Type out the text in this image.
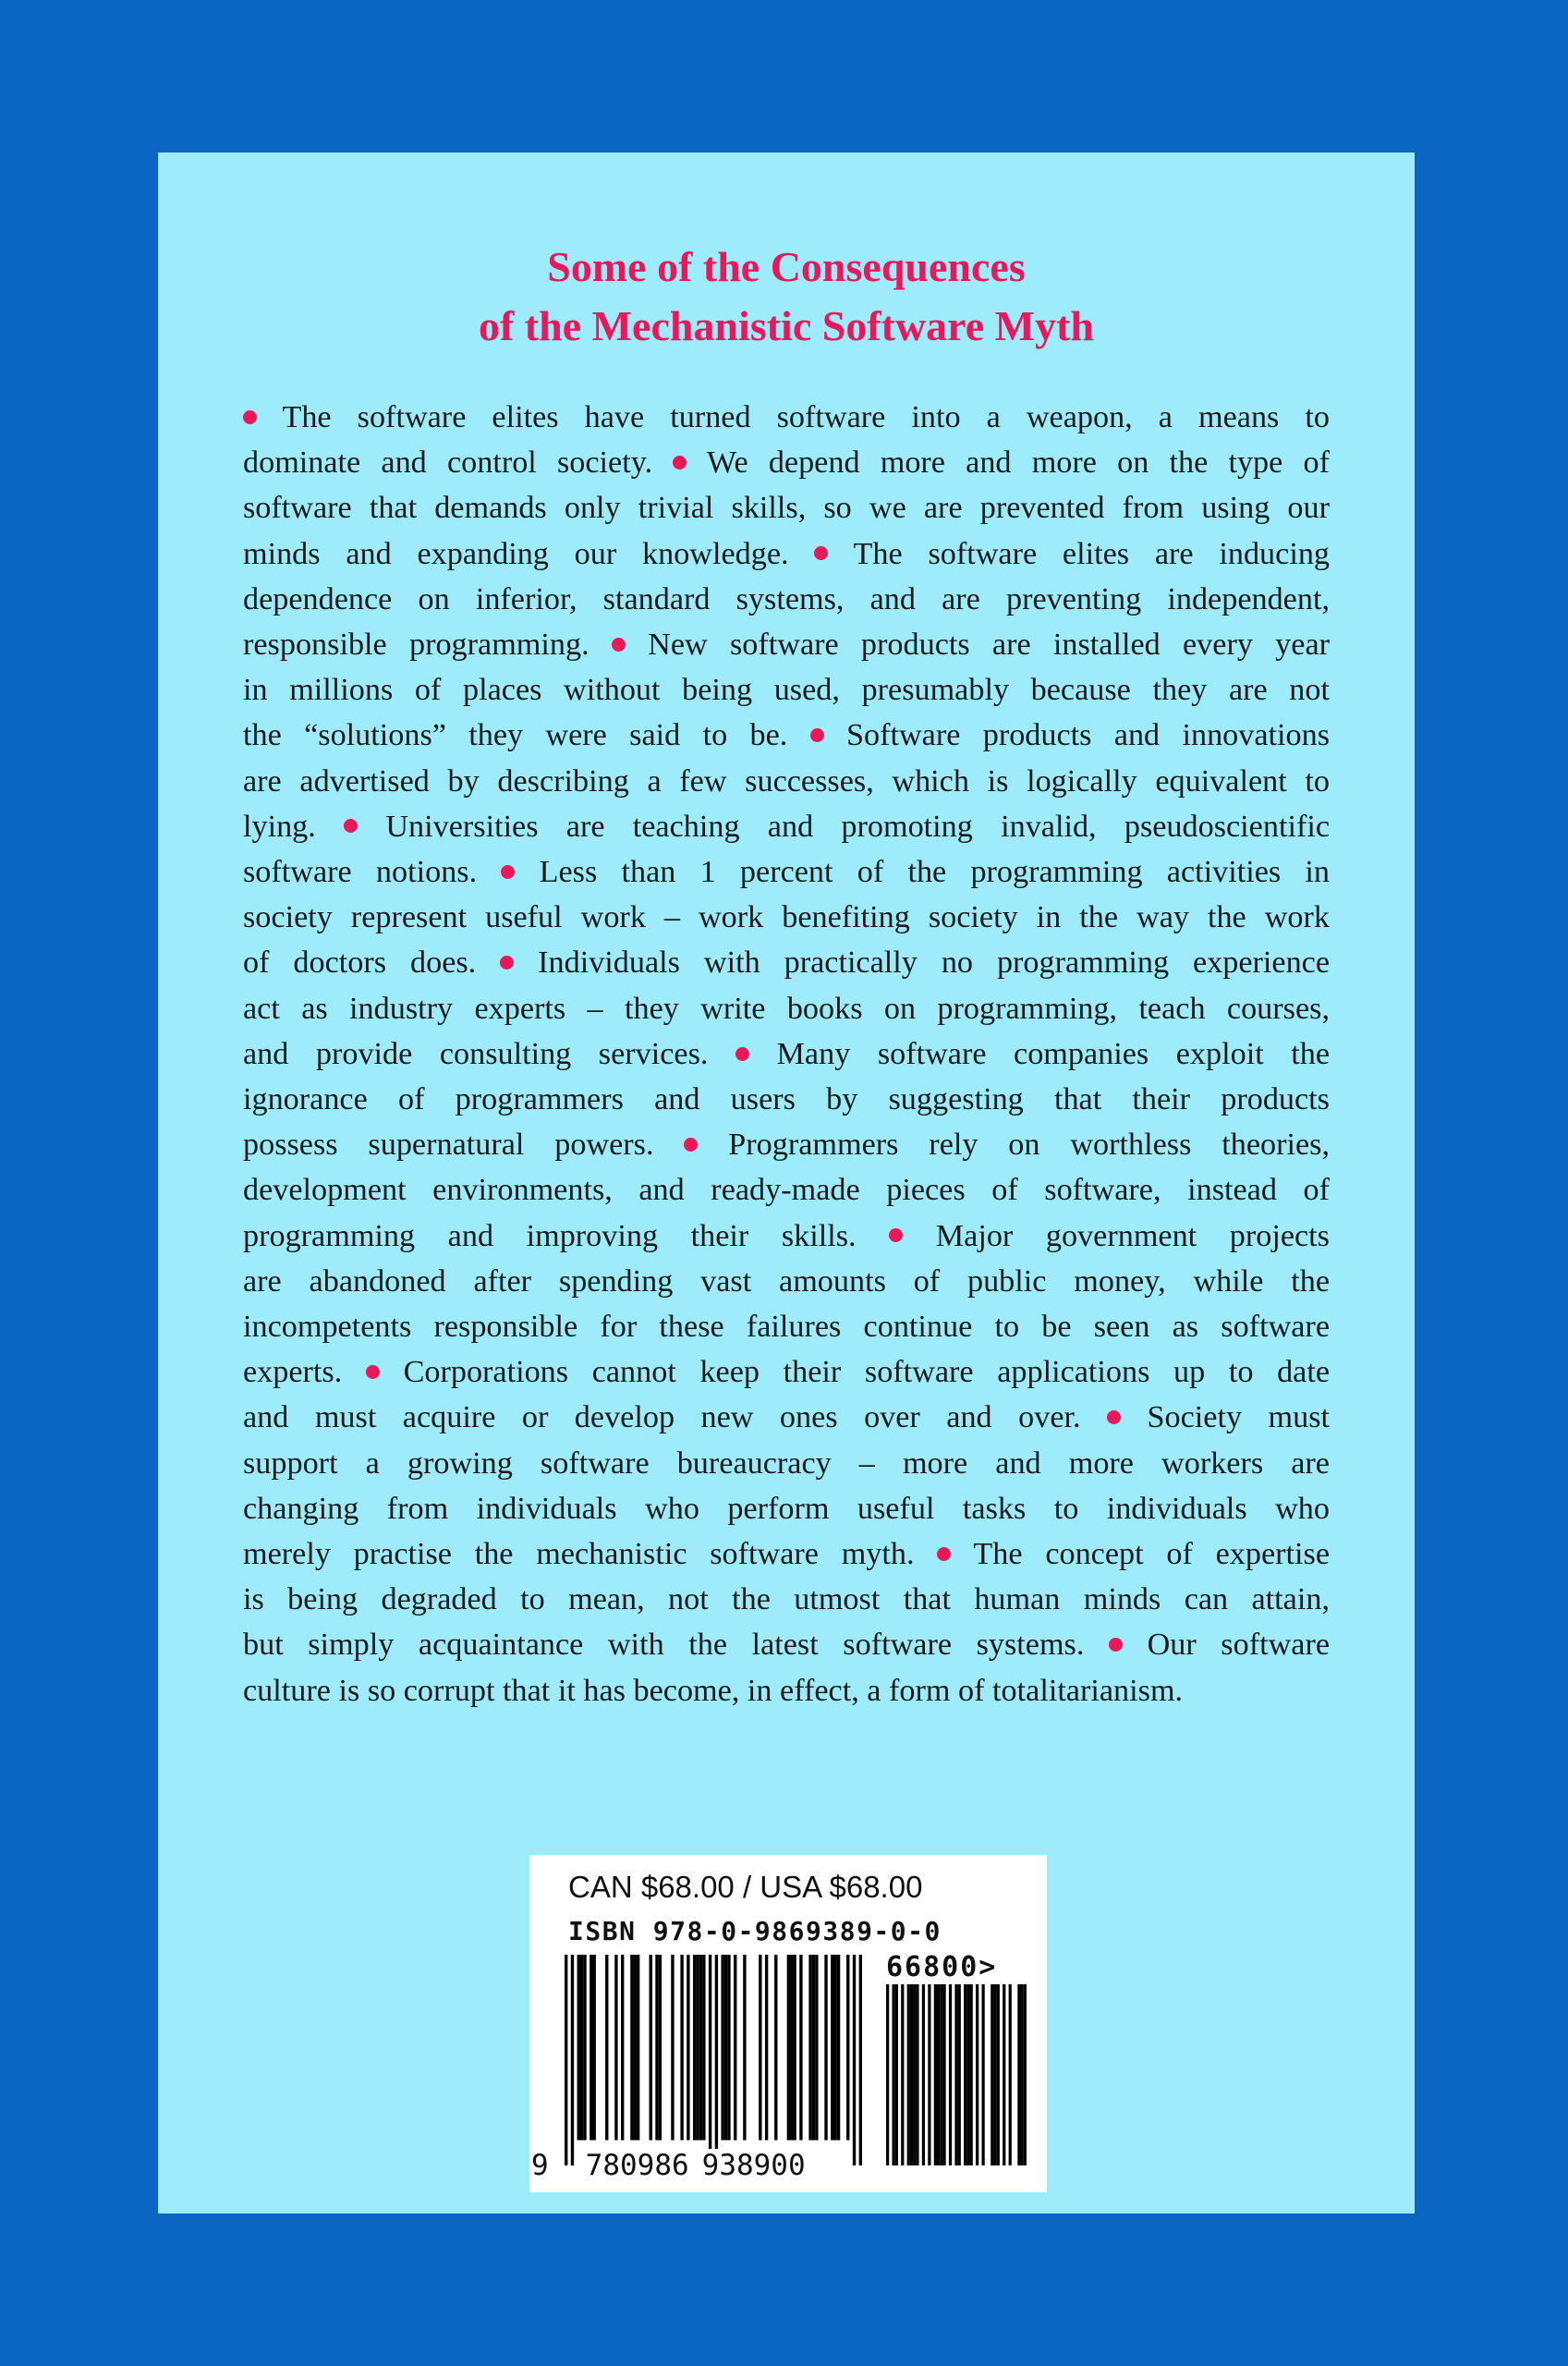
Some of the Consequences
of the Mechanistic Software Myth
The software elites have turned software into a weapon, a means to
dominate and control society. We depend more and more on the type of
software that demands only trivial skills, so we are prevented from using our
minds and expanding our knowledge. The software elites are inducing
dependence on inferior, standard systems, and are preventing independent,
responsible programming. New software products are installed every year
in millions of places without being used, presumably because they are not
the “solutions” they were said to be. Software products and innovations
are advertised by describing a few successes, which is logically equivalent to
lying. Universities are teaching and promoting invalid, pseudoscientific
software notions. Less than 1 percent of the programming activities in
society represent useful work – work benefiting society in the way the work
of doctors does. Individuals with practically no programming experience
act as industry experts – they write books on programming, teach courses,
and provide consulting services. Many software companies exploit the
ignorance of programmers and users by suggesting that their products
possess supernatural powers. Programmers rely on worthless theories,
development environments, and ready-made pieces of software, instead of
programming and improving their skills.	Major government projects
are abandoned after spending vast amounts of public money, while the
incompetents responsible for these failures continue to be seen as software
experts. Corporations cannot keep their software applications up to date
and must acquire or develop new ones over and over. Society must
support a growing software bureaucracy – more and more workers are
changing from individuals who perform useful tasks to individuals who
merely practise the mechanistic software myth. The concept of expertise
is being degraded to mean, not the utmost that human minds can attain,
but simply acquaintance with the latest software systems. Our software
culture is so corrupt that it has become, in effect, a form of totalitarianism.
CAN $68.00 / USA $68.00
ISBN 978-0-9869389-0-0
66800>
9 780986 938900
